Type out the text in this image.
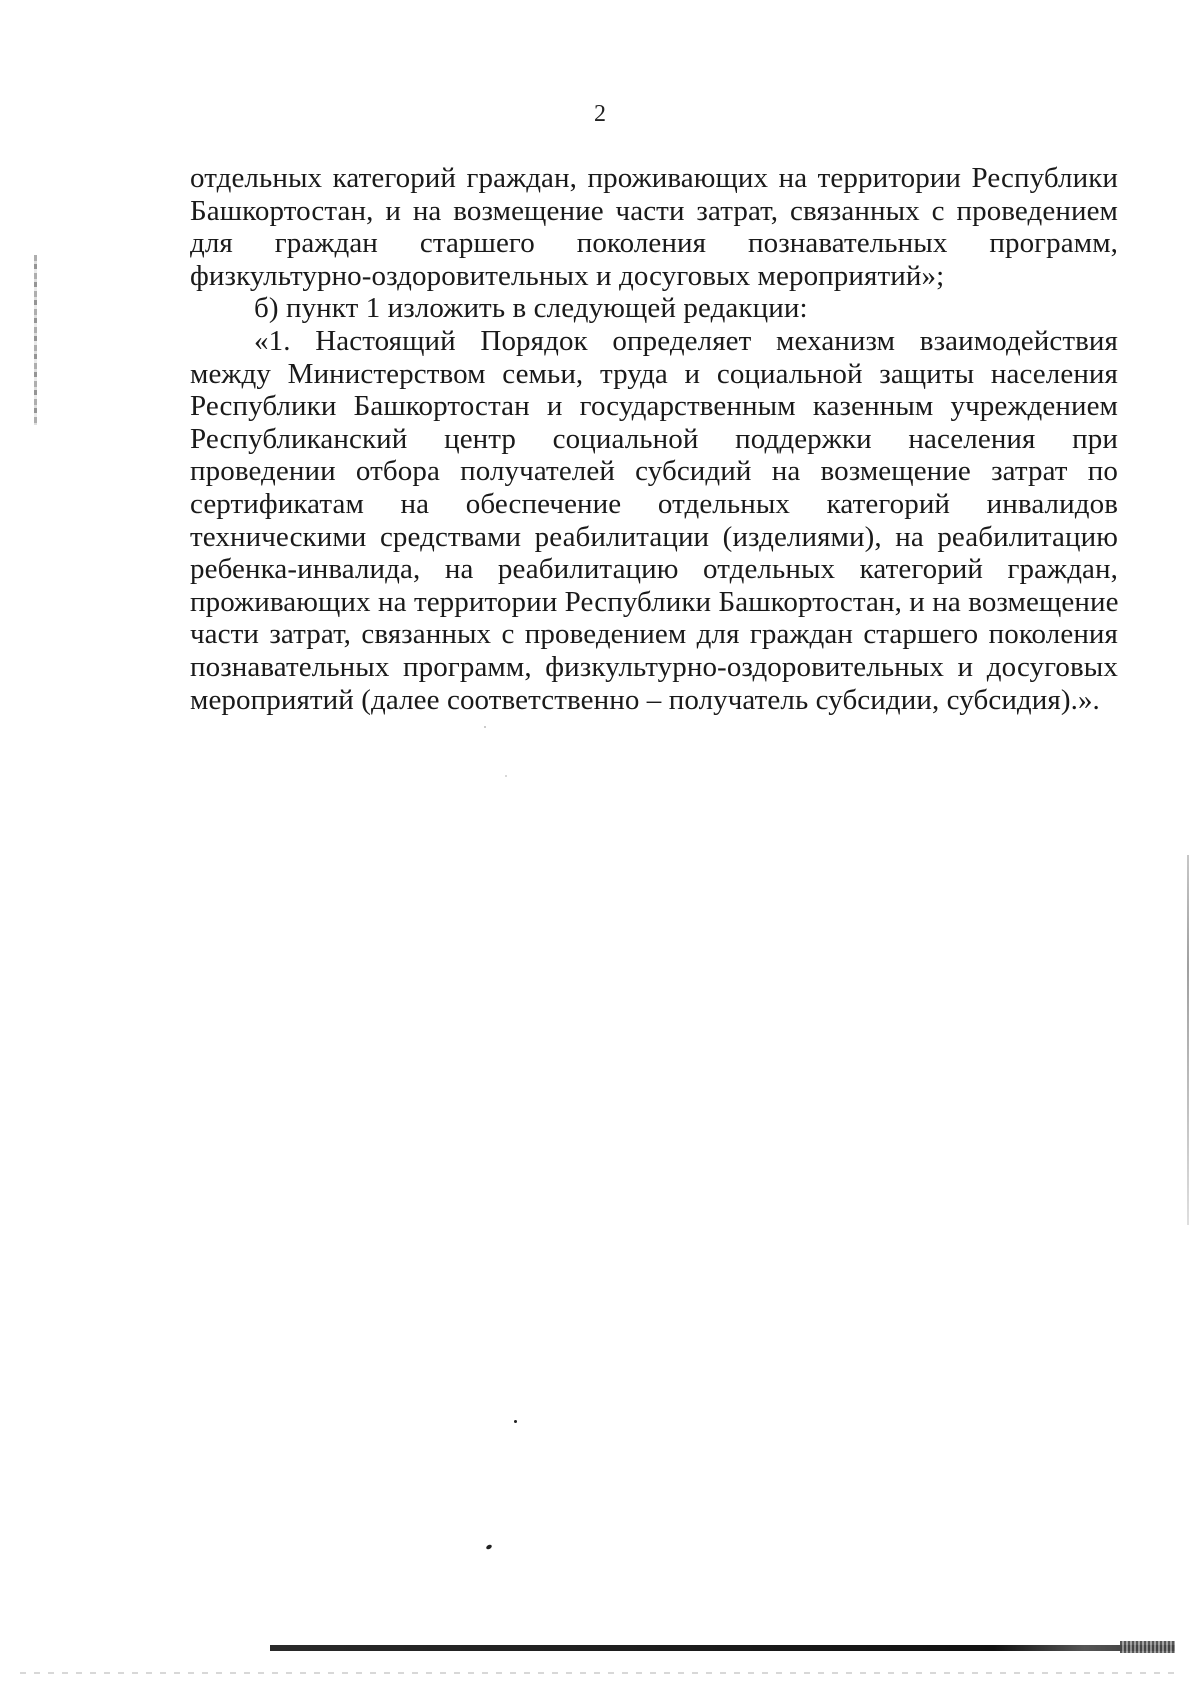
2
отдельных категорий граждан, проживающих на территории Республики
Башкортостан, и на возмещение части затрат, связанных с проведением
для граждан старшего поколения познавательных программ,
физкультурно-оздоровительных и досуговых мероприятий»;
б) пункт 1 изложить в следующей редакции:
«1. Настоящий Порядок определяет механизм взаимодействия
между Министерством семьи, труда и социальной защиты населения
Республики Башкортостан и государственным казенным учреждением
Республиканский центр социальной поддержки населения при
проведении отбора получателей субсидий на возмещение затрат по
сертификатам на обеспечение отдельных категорий инвалидов
техническими средствами реабилитации (изделиями), на реабилитацию
ребенка-инвалида, на реабилитацию отдельных категорий граждан,
проживающих на территории Республики Башкортостан, и на возмещение
части затрат, связанных с проведением для граждан старшего поколения
познавательных программ, физкультурно-оздоровительных и досуговых
мероприятий (далее соответственно – получатель субсидии, субсидия).».
